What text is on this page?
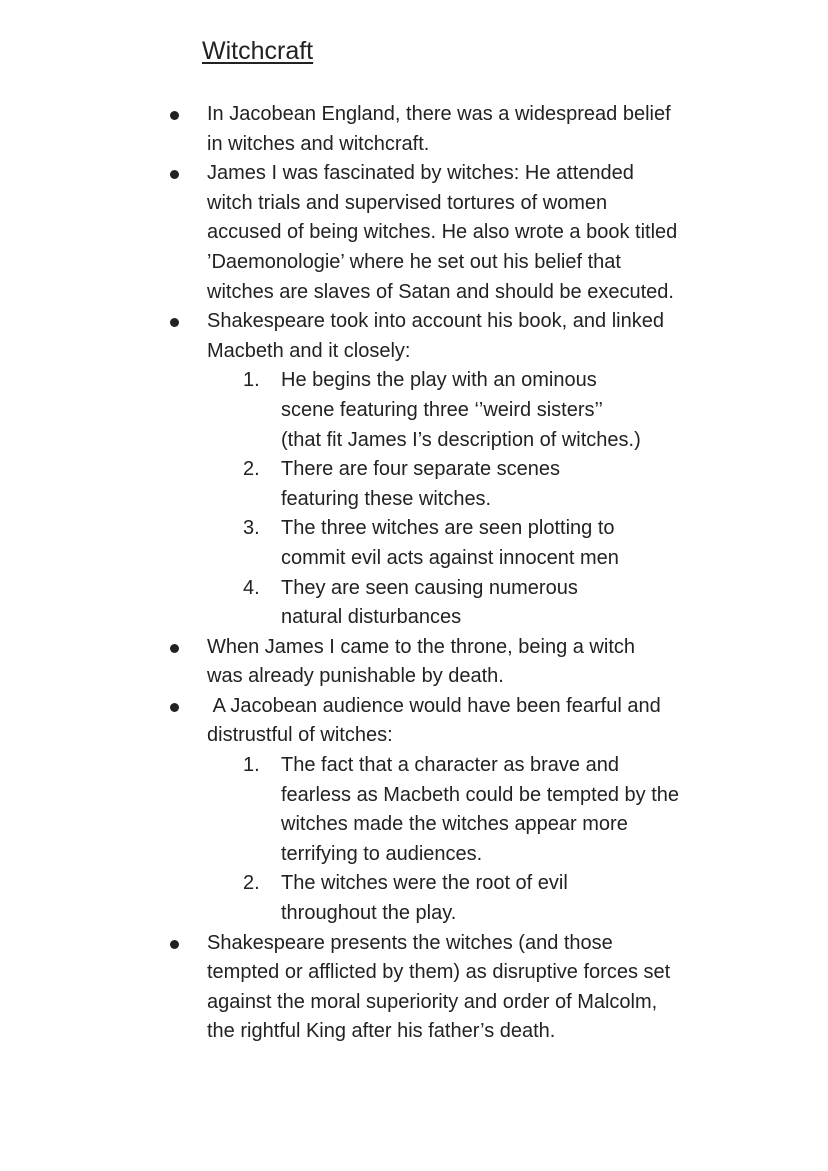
Witchcraft
In Jacobean England, there was a widespread belief in witches and witchcraft.
James I was fascinated by witches: He attended witch trials and supervised tortures of women accused of being witches. He also wrote a book titled ’Daemonologie’ where he set out his belief that witches are slaves of Satan and should be executed.
Shakespeare took into account his book, and linked Macbeth and it closely:
1.	He begins the play with an ominous scene featuring three ‘’weird sisters’’ (that fit James I’s description of witches.)
2.	There are four separate scenes featuring these witches.
3.	The three witches are seen plotting to commit evil acts against innocent men
4.	They are seen causing numerous natural disturbances
When James I came to the throne, being a witch was already punishable by death.
A Jacobean audience would have been fearful and distrustful of witches:
1.	The fact that a character as brave and fearless as Macbeth could be tempted by the witches made the witches appear more terrifying to audiences.
2.	The witches were the root of evil throughout the play.
Shakespeare presents the witches (and those tempted or afflicted by them) as disruptive forces set against the moral superiority and order of Malcolm, the rightful King after his father’s death.
